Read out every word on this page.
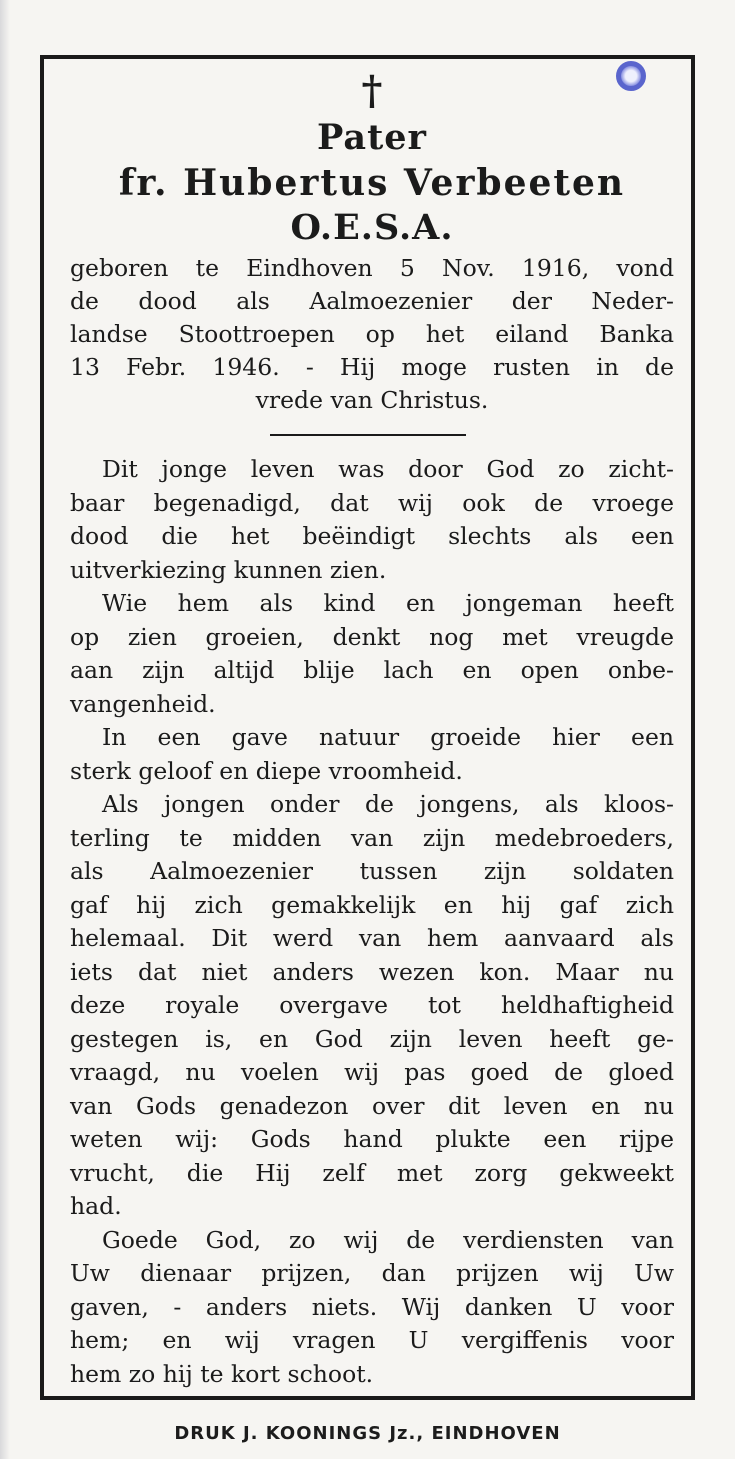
†
Pater
fr. Hubertus Verbeeten
O.E.S.A.
geboren te Eindhoven 5 Nov. 1916, vond
de dood als Aalmoezenier der Neder-
landse Stoottroepen op het eiland Banka
13 Febr. 1946. - Hij moge rusten in de
vrede van Christus.
Dit jonge leven was door God zo zicht-
baar begenadigd, dat wij ook de vroege
dood die het beëindigt slechts als een
uitverkiezing kunnen zien.
Wie hem als kind en jongeman heeft
op zien groeien, denkt nog met vreugde
aan zijn altijd blije lach en open onbe-
vangenheid.
In een gave natuur groeide hier een
sterk geloof en diepe vroomheid.
Als jongen onder de jongens, als kloos-
terling te midden van zijn medebroeders,
als Aalmoezenier tussen zijn soldaten
gaf hij zich gemakkelijk en hij gaf zich
helemaal. Dit werd van hem aanvaard als
iets dat niet anders wezen kon. Maar nu
deze royale overgave tot heldhaftigheid
gestegen is, en God zijn leven heeft ge-
vraagd, nu voelen wij pas goed de gloed
van Gods genadezon over dit leven en nu
weten wij: Gods hand plukte een rijpe
vrucht, die Hij zelf met zorg gekweekt
had.
Goede God, zo wij de verdiensten van
Uw dienaar prijzen, dan prijzen wij Uw
gaven, - anders niets. Wij danken U voor
hem; en wij vragen U vergiffenis voor
hem zo hij te kort schoot.
DRUK J. KOONINGS Jz., EINDHOVEN
